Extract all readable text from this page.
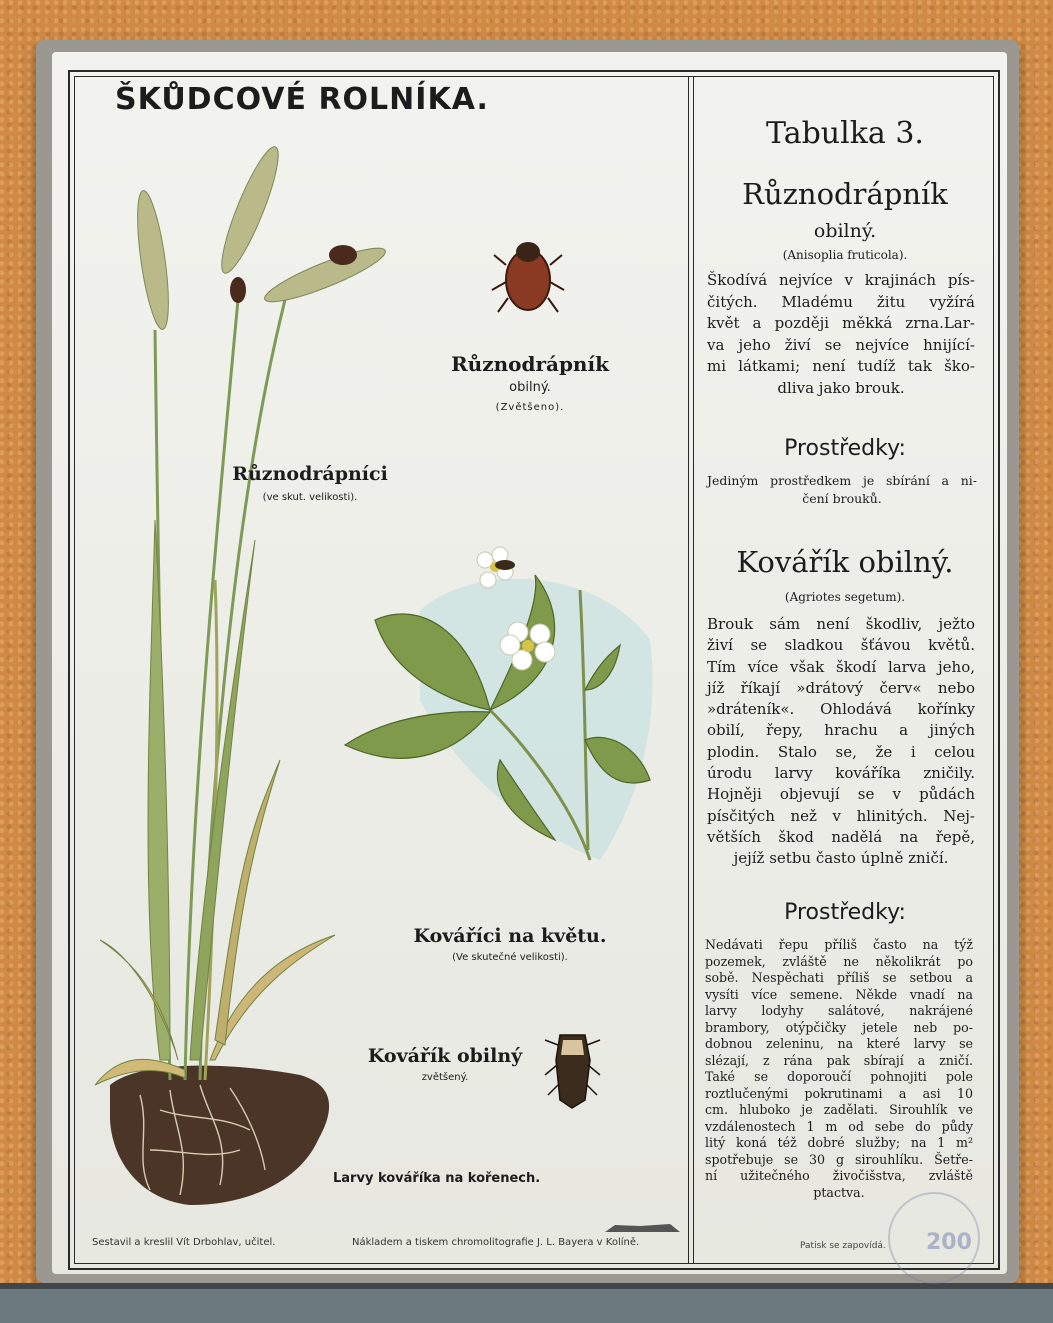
ŠKŮDCOVÉ ROLNÍKA.
Různodrápník
obilný.
(Zvětšeno).
Různodrápníci
(ve skut. velikosti).
Kováříci na květu.
(Ve skutečné velikosti).
Kovářík obilný
zvětšený.
Larvy kováříka na kořenech.
Sestavil a kreslil Vít Drbohlav, učitel.	Nákladem a tiskem chromolitografie J. L. Bayera v Kolíně.
Tabulka 3.
Různodrápník
obilný.
(Anisoplia fruticola).
Škodívá nejvíce v krajinách pís-
čitých. Mladému žitu vyžírá
květ a později měkká zrna.Lar-
va jeho živí se nejvíce hnijící-
mi látkami; není tudíž tak ško-
dliva jako brouk.
Prostředky:
Jediným prostředkem je sbírání a ni-
čení brouků.
Kovářík obilný.
(Agriotes segetum).
Brouk sám není škodliv, ježto
živí se sladkou šťávou květů.
Tím více však škodí larva jeho,
jíž říkají »drátový červ« nebo
»dráteník«. Ohlodává kořínky
obilí, řepy, hrachu a jiných
plodin. Stalo se, že i celou
úrodu larvy kováříka zničily.
Hojněji objevují se v půdách
písčitých než v hlinitých. Nej-
větších škod nadělá na řepě,
jejíž setbu často úplně zničí.
Prostředky:
Nedávati řepu příliš často na týž
pozemek, zvláště ne několikrát po
sobě. Nespěchati příliš se setbou a
vysíti více semene. Někde vnadí na
larvy lodyhy salátové, nakrájené
brambory, otýpčičky jetele neb po-
dobnou zeleninu, na které larvy se
slézají, z rána pak sbírají a zničí.
Také se doporoučí pohnojiti pole
roztlučenými pokrutinami a asi 10
cm. hluboko je zadělati. Sirouhlík ve
vzdálenostech 1 m od sebe do půdy
litý koná též dobré služby; na 1 m²
spotřebuje se 30 g sirouhlíku. Šetře-
ní užitečného živočišstva, zvláště
ptactva.
Patisk se zapovídá. 200
